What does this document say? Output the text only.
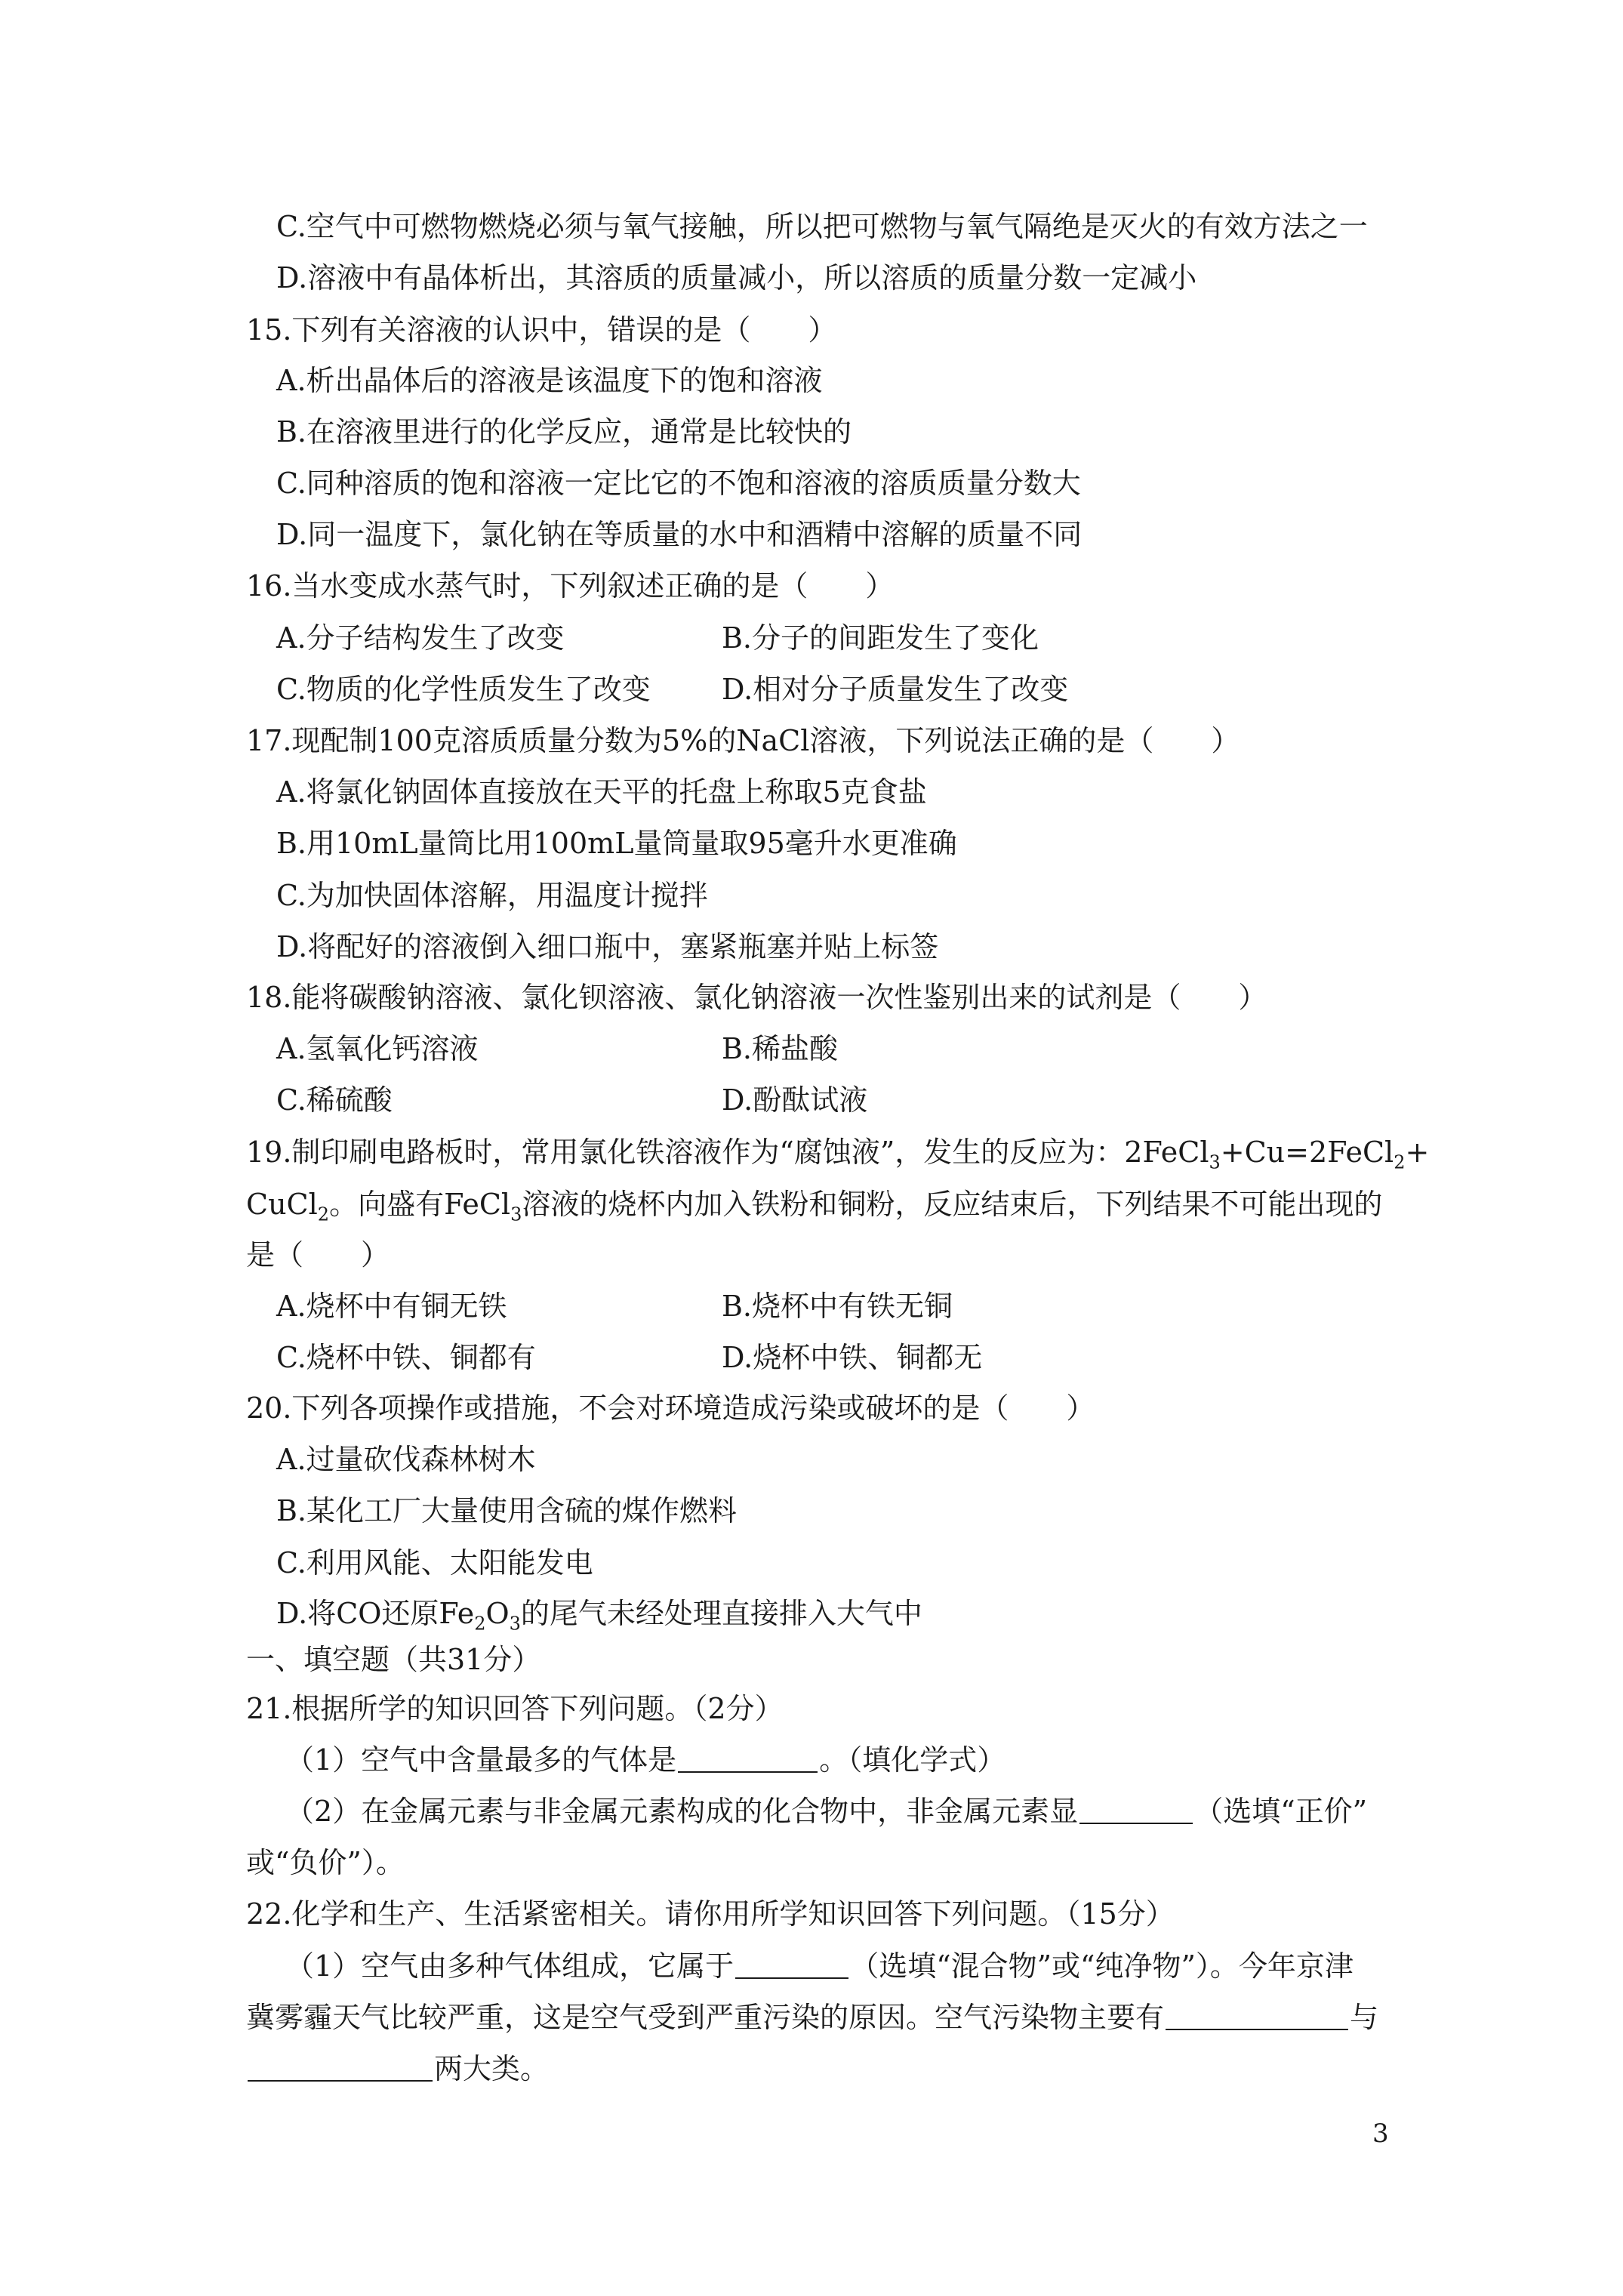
C.空气中可燃物燃烧必须与氧气接触，所以把可燃物与氧气隔绝是灭火的有效方法之一
D.溶液中有晶体析出，其溶质的质量减小，所以溶质的质量分数一定减小
15.下列有关溶液的认识中，错误的是（　　）
A.析出晶体后的溶液是该温度下的饱和溶液
B.在溶液里进行的化学反应，通常是比较快的
C.同种溶质的饱和溶液一定比它的不饱和溶液的溶质质量分数大
D.同一温度下，氯化钠在等质量的水中和酒精中溶解的质量不同
16.当水变成水蒸气时，下列叙述正确的是（　　）
A.分子结构发生了改变	B.分子的间距发生了变化
C.物质的化学性质发生了改变 D.相对分子质量发生了改变
17.现配制100克溶质质量分数为5%的NaCl溶液，下列说法正确的是（　　）
A.将氯化钠固体直接放在天平的托盘上称取5克食盐
B.用10mL量筒比用100mL量筒量取95毫升水更准确
C.为加快固体溶解，用温度计搅拌
D.将配好的溶液倒入细口瓶中，塞紧瓶塞并贴上标签
18.能将碳酸钠溶液、氯化钡溶液、氯化钠溶液一次性鉴别出来的试剂是（　　）
A.氢氧化钙溶液	B.稀盐酸
C.稀硫酸	D.酚酞试液
19.制印刷电路板时，常用氯化铁溶液作为“腐蚀液”，发生的反应为：2FeCl$_3$+Cu=2FeCl$_2$+
CuCl$_2$。向盛有FeCl$_3$溶液的烧杯内加入铁粉和铜粉，反应结束后，下列结果不可能出现的
是（　　）
A.烧杯中有铜无铁	B.烧杯中有铁无铜
C.烧杯中铁、铜都有	D.烧杯中铁、铜都无
20.下列各项操作或措施，不会对环境造成污染或破坏的是（　　）
A.过量砍伐森林树木
B.某化工厂大量使用含硫的煤作燃料
C.利用风能、太阳能发电
D.将CO还原$Fe_2O_3$的尾气未经处理直接排入大气中
一、填空题（共31分）
21.根据所学的知识回答下列问题。（2分）
（1）空气中含量最多的气体是	。（填化学式）
（2）在金属元素与非金属元素构成的化合物中，非金属元素显	（选填“正价”
或“负价”）。
22.化学和生产、生活紧密相关。请你用所学知识回答下列问题。（15分）
（1）空气由多种气体组成，它属于	（选填“混合物”或“纯净物”）。今年京津
冀雾霾天气比较严重，这是空气受到严重污染的原因。空气污染物主要有	与
两大类。
3
